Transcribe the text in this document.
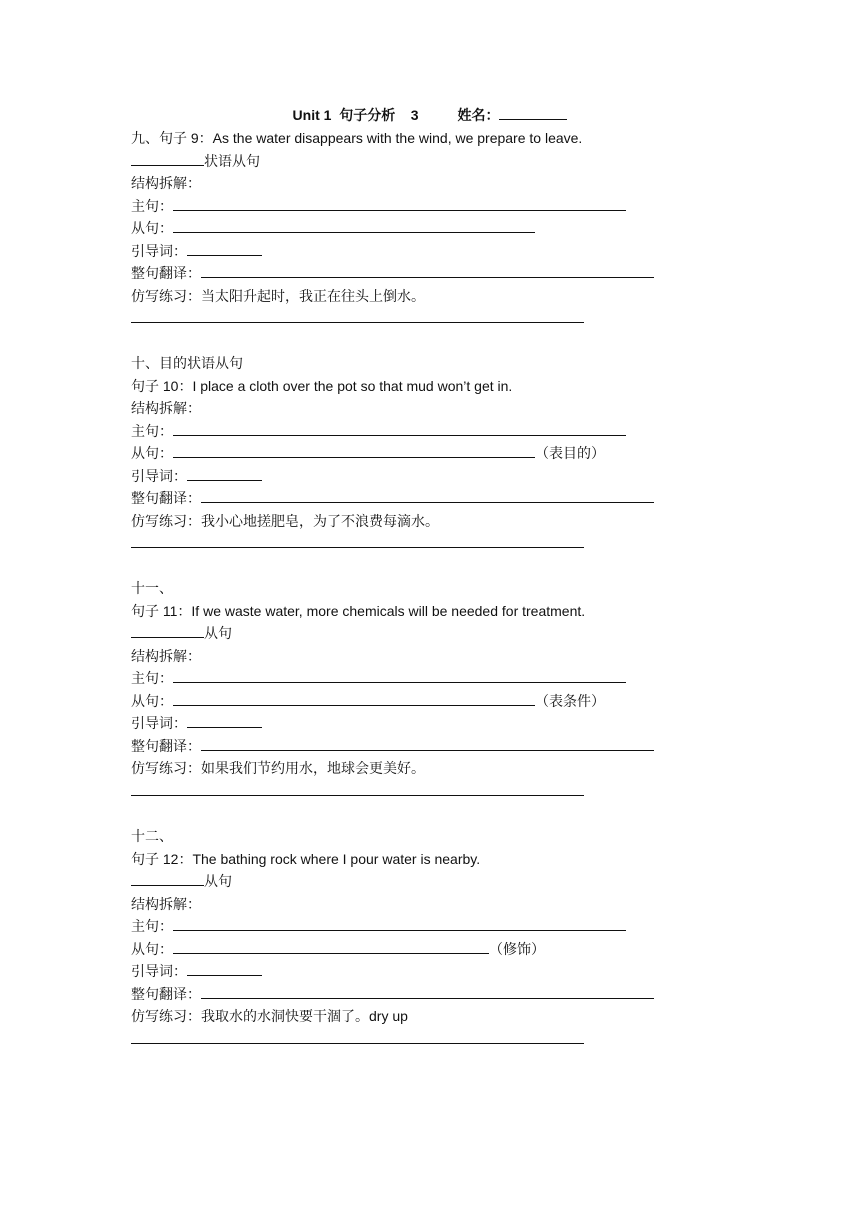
Unit 1  句子分析    3	姓名：
九、句子 9：As the water disappears with the wind, we prepare to leave.
状语从句
结构拆解：
主句：
从句：
引导词：
整句翻译：
仿写练习：当太阳升起时，我正在往头上倒水。
十、目的状语从句
句子 10：I place a cloth over the pot so that mud won’t get in.
结构拆解：
主句：
从句：	（表目的）
引导词：
整句翻译：
仿写练习：我小心地搓肥皂，为了不浪费每滴水。
十一、
句子 11：If we waste water, more chemicals will be needed for treatment.
从句
结构拆解：
主句：
从句：	（表条件）
引导词：
整句翻译：
仿写练习：如果我们节约用水，地球会更美好。
十二、
句子 12：The bathing rock where I pour water is nearby.
从句
结构拆解：
主句：
从句：	（修饰）
引导词：
整句翻译：
仿写练习：我取水的水洞快要干涸了。dry up
